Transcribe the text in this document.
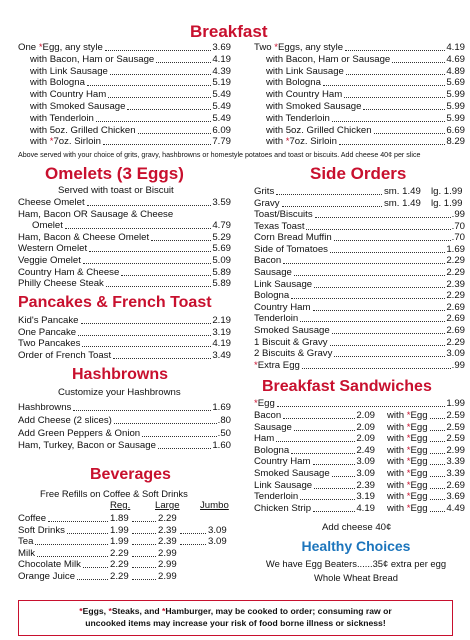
Breakfast
Above served with your choice of grits, gravy, hashbrowns or homestyle potatoes and toast or biscuits. Add cheese 40¢ per slice
Omelets (3 Eggs)
Served with toast or Biscuit
Side Orders
Pancakes & French Toast
Hashbrowns
Customize your Hashbrowns	Breakfast Sandwiches
Beverages
Free Refills on Coffee & Soft Drinks
Healthy Choices
We have Egg Beaters......35¢ extra per egg
Whole Wheat Bread
*Eggs, *Steaks, and *Hamburger, may be cooked to order; consuming raw or
uncooked items may increase your risk of food borne illness or sickness!
One *Egg, any style	3.69
with Bacon, Ham or Sausage	4.19
with Link Sausage	4.39
with Bologna	5.19
with Country Ham	5.49
with Smoked Sausage	5.49
with Tenderloin	5.49
with 5oz. Grilled Chicken	6.09
with *7oz. Sirloin	7.79
Two *Eggs, any style	4.19
with Bacon, Ham or Sausage	4.69
with Link Sausage	4.89
with Bologna	5.69
with Country Ham	5.99
with Smoked Sausage	5.99
with Tenderloin	5.99
with 5oz. Grilled Chicken	6.69
with *7oz. Sirloin	8.29
Cheese Omelet	3.59
Ham, Bacon OR Sausage & Cheese
Omelet	4.79
Ham, Bacon & Cheese Omelet	5.29
Western Omelet	5.69
Veggie Omelet	5.09
Country Ham & Cheese	5.89
Philly Cheese Steak	5.89
Grits	sm. 1.49 lg. 1.99
Gravy	sm. 1.49 lg. 1.99
Toast/Biscuits	.99
Texas Toast	.70
Corn Bread Muffin	.70
Side of Tomatoes	1.69
Bacon	2.29
Sausage	2.29
Link Sausage	2.39
Bologna	2.29
Country Ham	2.69
Tenderloin	2.69
Smoked Sausage	2.69
1 Biscuit & Gravy	2.29
2 Biscuits & Gravy	3.09
*Extra Egg	.99
Kid's Pancake	2.19
One Pancake	3.19
Two Pancakes	4.19
Order of French Toast	3.49
Hashbrowns	1.69
Add Cheese (2 slices)	.80
Add Green Peppers & Onion	.50
Ham, Turkey, Bacon or Sausage	1.60
*Egg	1.99
Bacon	2.09 with *Egg 2.59
Sausage	2.09 with *Egg 2.59
Ham	2.09 with *Egg 2.59
Bologna	2.49 with *Egg 2.99
Country Ham	3.09 with *Egg 3.39
Smoked Sausage	3.09 with *Egg 3.39
Link Sausage	2.39 with *Egg 2.69
Tenderloin	3.19 with *Egg 3.69
Chicken Strip	4.19 with *Egg 4.49
Add cheese 40¢
Reg.	Large Jumbo
Coffee	1.89	2.29
Soft Drinks	1.99	2.39	3.09
Tea	1.99	2.39	3.09
Milk	2.29	2.99
Chocolate Milk	2.29	2.99
Orange Juice	2.29	2.99
